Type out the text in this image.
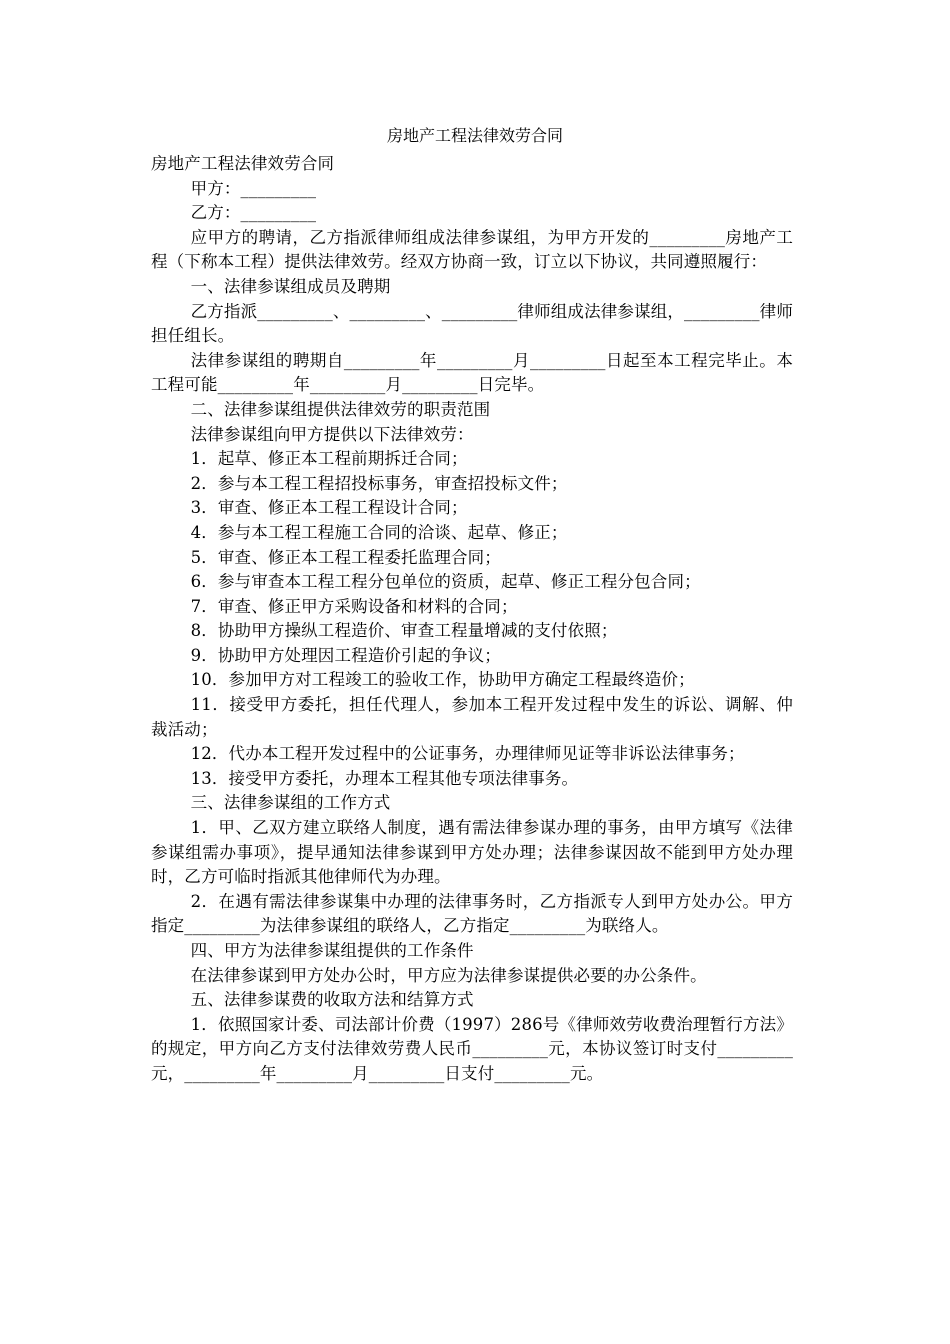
房地产工程法律效劳合同

房地产工程法律效劳合同

甲方：_________

乙方：_________

应甲方的聘请，乙方指派律师组成法律参谋组，为甲方开发的_________房地产工程（下称本工程）提供法律效劳。经双方协商一致，订立以下协议，共同遵照履行：

一、法律参谋组成员及聘期

乙方指派_________、_________、_________律师组成法律参谋组，_________律师担任组长。

法律参谋组的聘期自_________年_________月_________日起至本工程完毕止。本工程可能_________年_________月_________日完毕。

二、法律参谋组提供法律效劳的职责范围

法律参谋组向甲方提供以下法律效劳：

1．起草、修正本工程前期拆迁合同；

2．参与本工程工程招投标事务，审查招投标文件；

3．审查、修正本工程工程设计合同；

4．参与本工程工程施工合同的洽谈、起草、修正；

5．审查、修正本工程工程委托监理合同；

6．参与审查本工程工程分包单位的资质，起草、修正工程分包合同；

7．审查、修正甲方采购设备和材料的合同；

8．协助甲方操纵工程造价、审查工程量增减的支付依照；

9．协助甲方处理因工程造价引起的争议；

10．参加甲方对工程竣工的验收工作，协助甲方确定工程最终造价；

11．接受甲方委托，担任代理人，参加本工程开发过程中发生的诉讼、调解、仲裁活动；

12．代办本工程开发过程中的公证事务，办理律师见证等非诉讼法律事务；

13．接受甲方委托，办理本工程其他专项法律事务。

三、法律参谋组的工作方式

1．甲、乙双方建立联络人制度，遇有需法律参谋办理的事务，由甲方填写《法律参谋组需办事项》，提早通知法律参谋到甲方处办理；法律参谋因故不能到甲方处办理时，乙方可临时指派其他律师代为办理。

2．在遇有需法律参谋集中办理的法律事务时，乙方指派专人到甲方处办公。甲方指定_________为法律参谋组的联络人，乙方指定_________为联络人。

四、甲方为法律参谋组提供的工作条件

在法律参谋到甲方处办公时，甲方应为法律参谋提供必要的办公条件。

五、法律参谋费的收取方法和结算方式

1．依照国家计委、司法部计价费（1997）286号《律师效劳收费治理暂行方法》的规定，甲方向乙方支付法律效劳费人民币_________元，本协议签订时支付_________元，_________年_________月_________日支付_________元。
